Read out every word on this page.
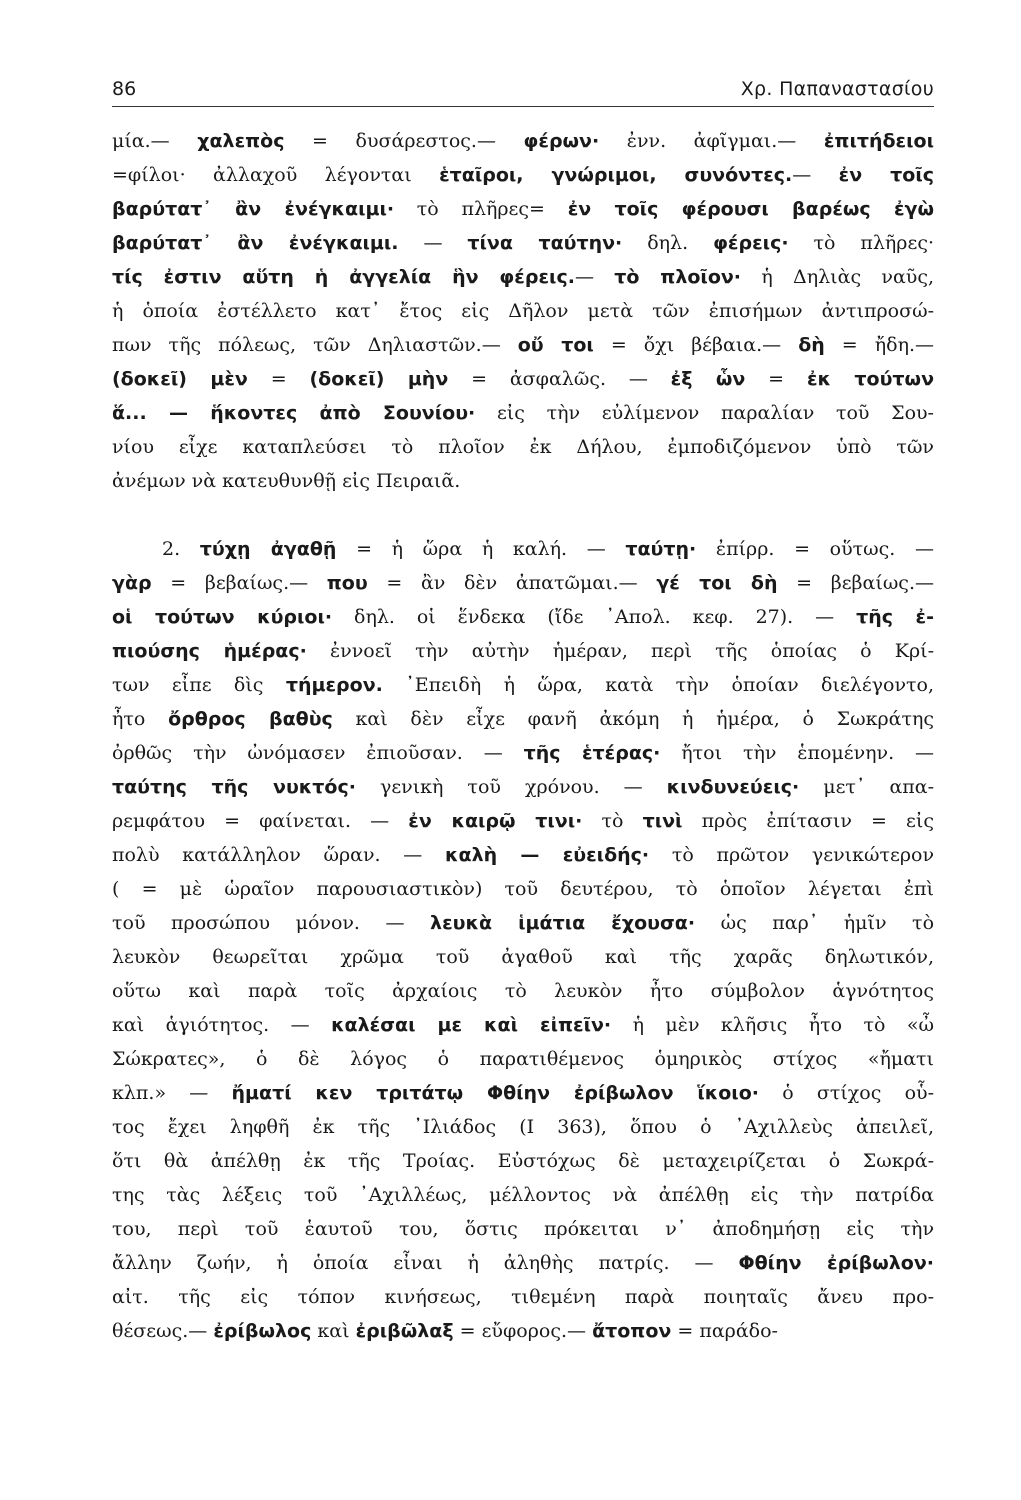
86	Χρ. Παπαναστασίου
μία.— χαλεπὸς = δυσάρεστος.— φέρων· ἐνν. ἀφῖγμαι.— ἐπιτήδειοι
=φίλοι· ἀλλαχοῦ λέγονται ἑταῖροι, γνώριμοι, συνόντες.— ἐν τοῖς
βαρύτατ᾽ ἂν ἐνέγκαιμι· τὸ πλῆρες= ἐν τοῖς φέρουσι βαρέως ἐγὼ
βαρύτατ᾽ ἂν ἐνέγκαιμι. — τίνα ταύτην· δηλ. φέρεις· τὸ πλῆρες·
τίς ἐστιν αὕτη ἡ ἀγγελία ἣν φέρεις.— τὸ πλοῖον· ἡ Δηλιὰς ναῦς,
ἡ ὁποία ἐστέλλετο κατ᾽ ἔτος εἰς Δῆλον μετὰ τῶν ἐπισήμων ἀντιπροσώ-
πων τῆς πόλεως, τῶν Δηλιαστῶν.— οὔ τοι = ὄχι βέβαια.— δὴ = ἤδη.—
(δοκεῖ) μὲν = (δοκεῖ) μὴν = ἀσφαλῶς. — ἐξ ὧν = ἐκ τούτων
ἅ... — ἥκοντες ἀπὸ Σουνίου· εἰς τὴν εὐλίμενον παραλίαν τοῦ Σου-
νίου εἶχε καταπλεύσει τὸ πλοῖον ἐκ Δήλου, ἐμποδιζόμενον ὑπὸ τῶν
ἀνέμων νὰ κατευθυνθῇ εἰς Πειραιᾶ.
2. τύχῃ ἀγαθῇ = ἡ ὥρα ἡ καλή. — ταύτῃ· ἐπίρρ. = οὕτως. —
γὰρ = βεβαίως.— που = ἂν δὲν ἀπατῶμαι.— γέ τοι δὴ = βεβαίως.—
οἱ τούτων κύριοι· δηλ. οἱ ἕνδεκα (ἴδε ᾽Απολ. κεφ. 27). — τῆς ἐ-
πιούσης ἡμέρας· ἐννοεῖ τὴν αὐτὴν ἡμέραν, περὶ τῆς ὁποίας ὁ Κρί-
των εἶπε δὶς τήμερον. ᾽Επειδὴ ἡ ὥρα, κατὰ τὴν ὁποίαν διελέγοντο,
ἦτο ὄρθρος βαθὺς καὶ δὲν εἶχε φανῆ ἀκόμη ἡ ἡμέρα, ὁ Σωκράτης
ὀρθῶς τὴν ὠνόμασεν ἐπιοῦσαν. — τῆς ἑτέρας· ἤτοι τὴν ἑπομένην. —
ταύτης τῆς νυκτός· γενικὴ τοῦ χρόνου. — κινδυνεύεις· μετ᾽ απα-
ρεμφάτου = φαίνεται. — ἐν καιρῷ τινι· τὸ τινὶ πρὸς ἐπίτασιν = εἰς
πολὺ κατάλληλον ὥραν. — καλὴ — εὐειδής· τὸ πρῶτον γενικώτερον
( = μὲ ὡραῖον παρουσιαστικὸν) τοῦ δευτέρου, τὸ ὁποῖον λέγεται ἐπὶ
τοῦ προσώπου μόνον. — λευκὰ ἱμάτια ἔχουσα· ὡς παρ᾽ ἡμῖν τὸ
λευκὸν θεωρεῖται χρῶμα τοῦ ἀγαθοῦ καὶ τῆς χαρᾶς δηλωτικόν,
οὕτω καὶ παρὰ τοῖς ἀρχαίοις τὸ λευκὸν ἦτο σύμβολον ἁγνότητος
καὶ ἁγιότητος. — καλέσαι με καὶ εἰπεῖν· ἡ μὲν κλῆσις ἦτο τὸ «ὦ
Σώκρατες», ὁ δὲ λόγος ὁ παρατιθέμενος ὁμηρικὸς στίχος «ἤματι
κλπ.» — ἤματί κεν τριτάτῳ Φθίην ἐρίβωλον ἵκοιο· ὁ στίχος οὗ-
τος ἔχει ληφθῆ ἐκ τῆς ᾽Ιλιάδος (Ι 363), ὅπου ὁ ᾽Αχιλλεὺς ἀπειλεῖ,
ὅτι θὰ ἀπέλθῃ ἐκ τῆς Τροίας. Εὐστόχως δὲ μεταχειρίζεται ὁ Σωκρά-
της τὰς λέξεις τοῦ ᾽Αχιλλέως, μέλλοντος νὰ ἀπέλθῃ εἰς τὴν πατρίδα
του, περὶ τοῦ ἑαυτοῦ του, ὅστις πρόκειται ν᾽ ἀποδημήσῃ εἰς τὴν
ἄλλην ζωήν, ἡ ὁποία εἶναι ἡ ἀληθὴς πατρίς. — Φθίην ἐρίβωλον·
αἰτ. τῆς εἰς τόπον κινήσεως, τιθεμένη παρὰ ποιηταῖς ἄνευ προ-
θέσεως.— ἐρίβωλος καὶ ἐριβῶλαξ = εὔφορος.— ἄτοπον = παράδο-
